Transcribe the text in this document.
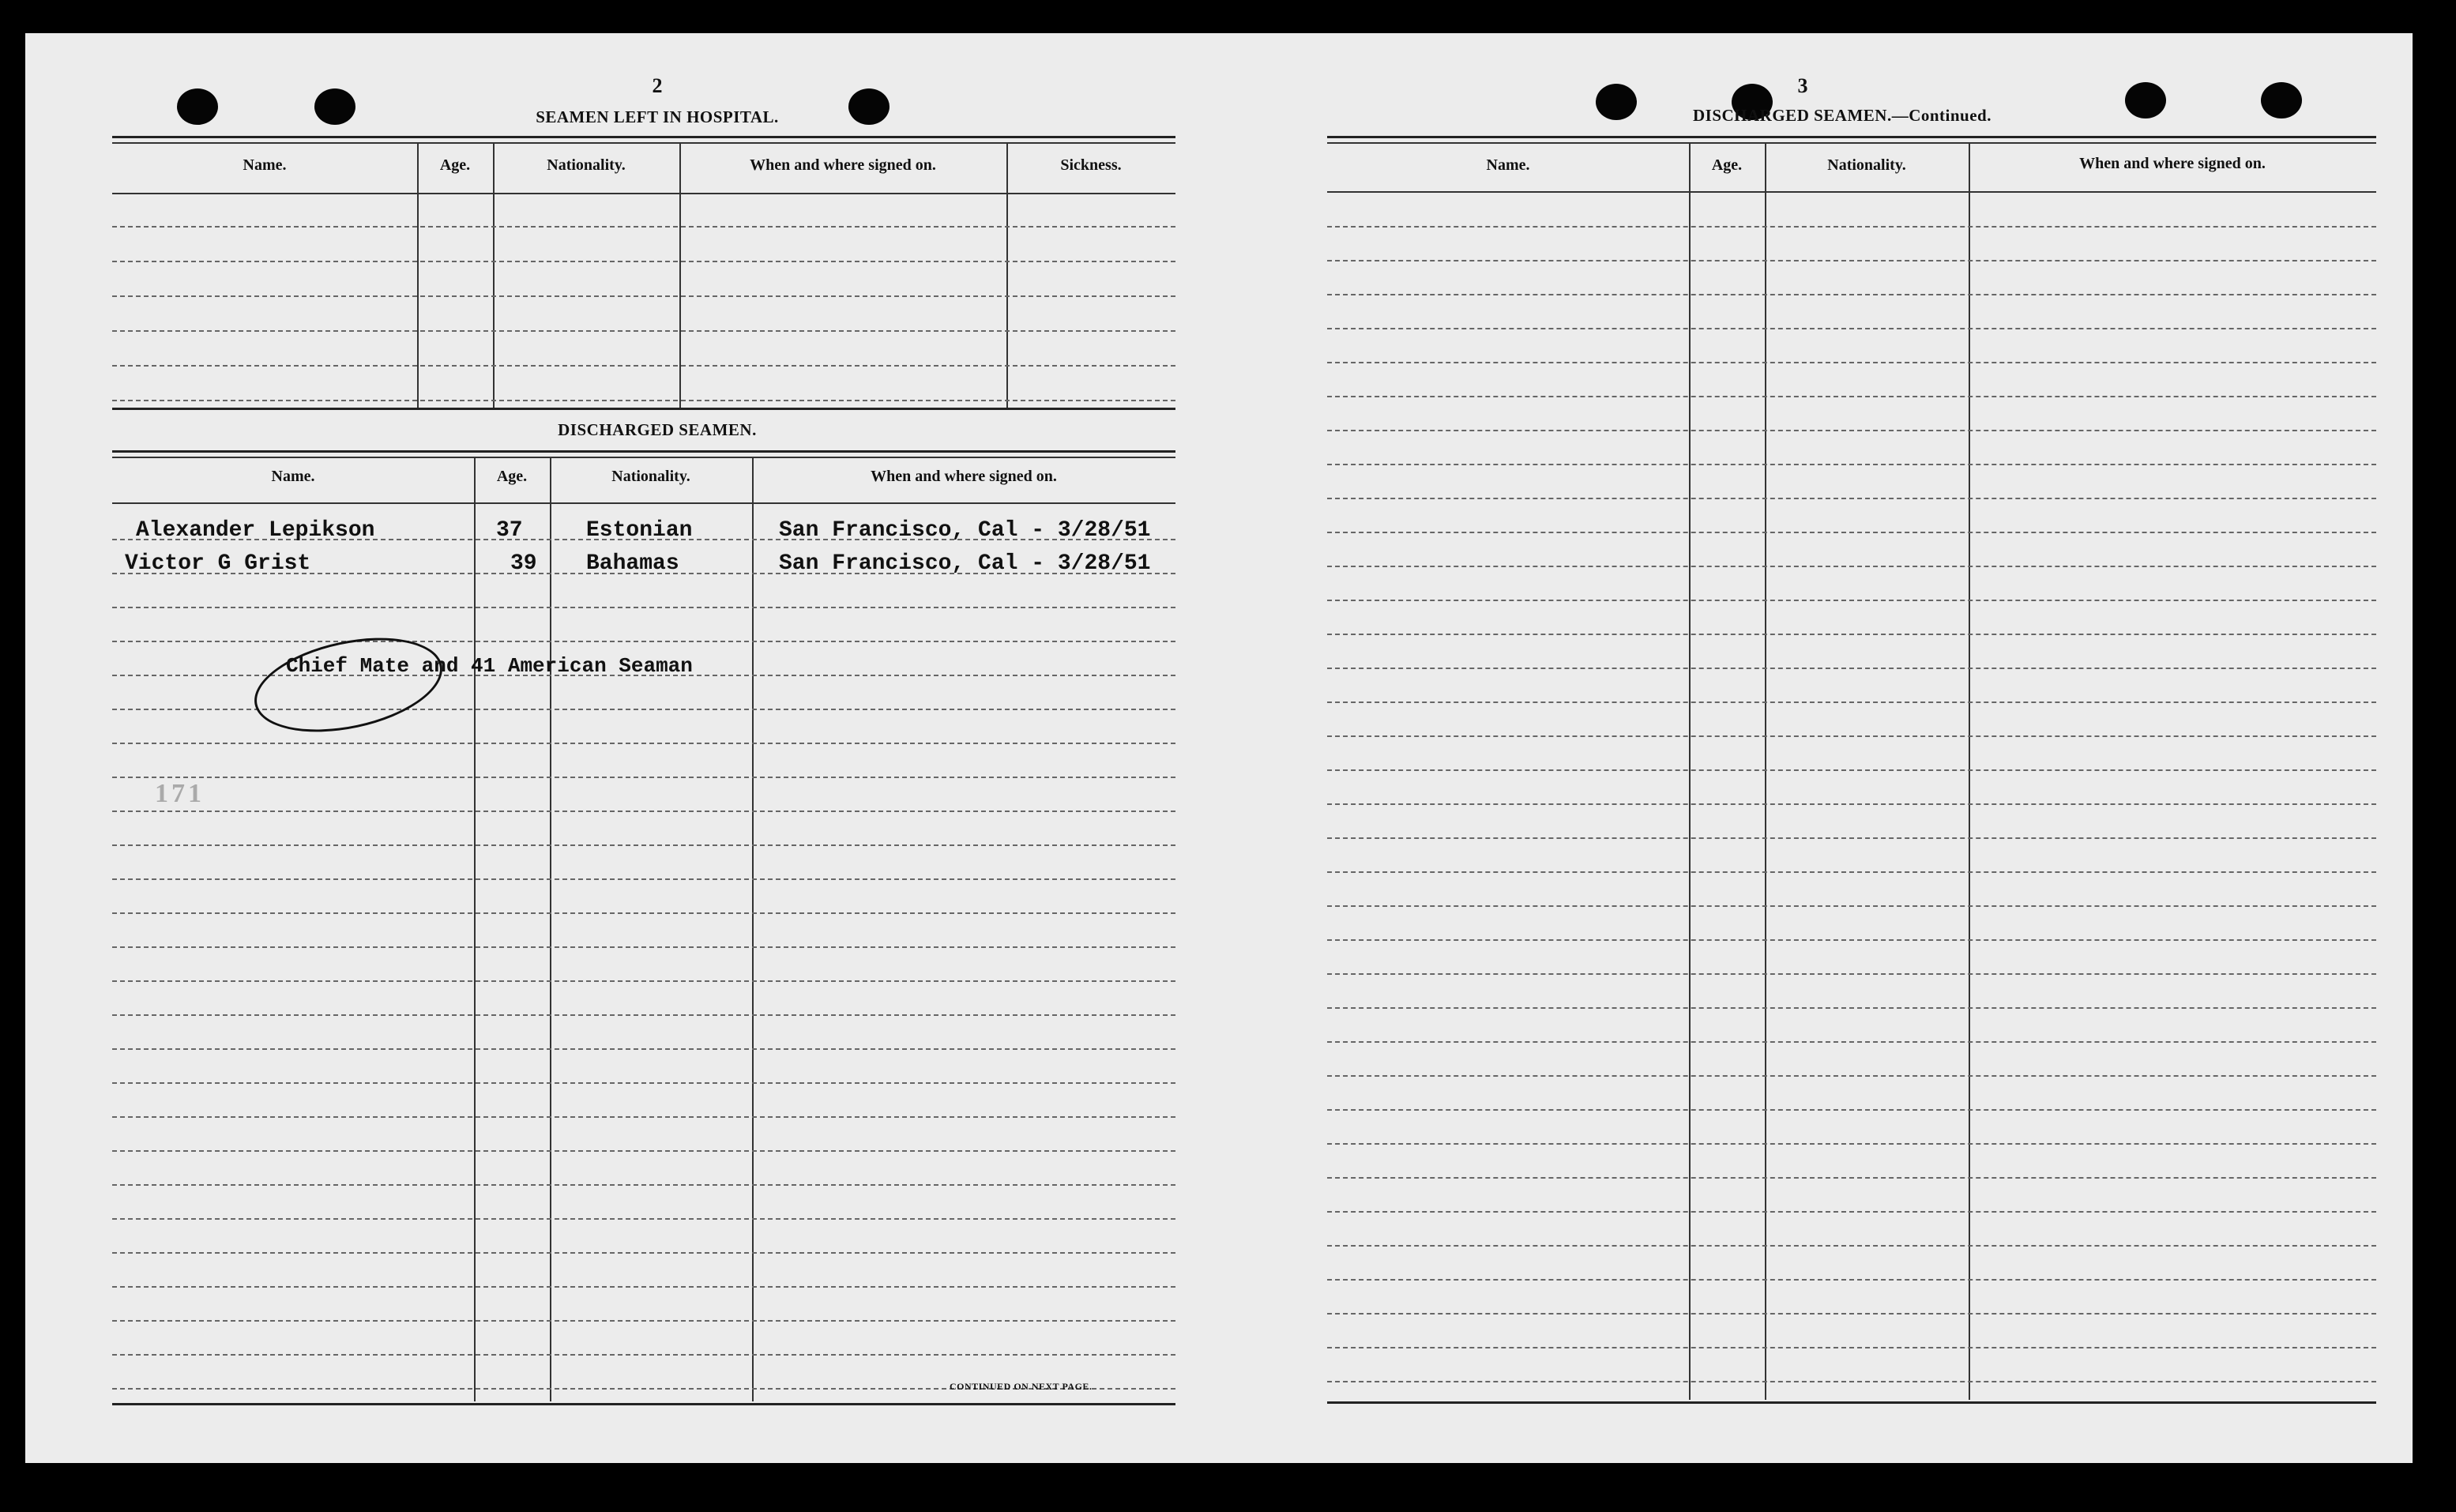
2
SEAMEN LEFT IN HOSPITAL.
Name.	Age.	Nationality.	When and where signed on.	Sickness.
DISCHARGED SEAMEN.
Name.	Age.	Nationality.	When and where signed on.
Alexander Lepikson	37	Estonian	San Francisco, Cal - 3/28/51
Victor G Grist	39 Bahamas	San Francisco, Cal - 3/28/51
Chief Mate and 41 American Seaman
171
CONTINUED ON NEXT PAGE.
3
DISCHARGED SEAMEN.—Continued.
Name.	Age.	Nationality.	When and where signed on.
